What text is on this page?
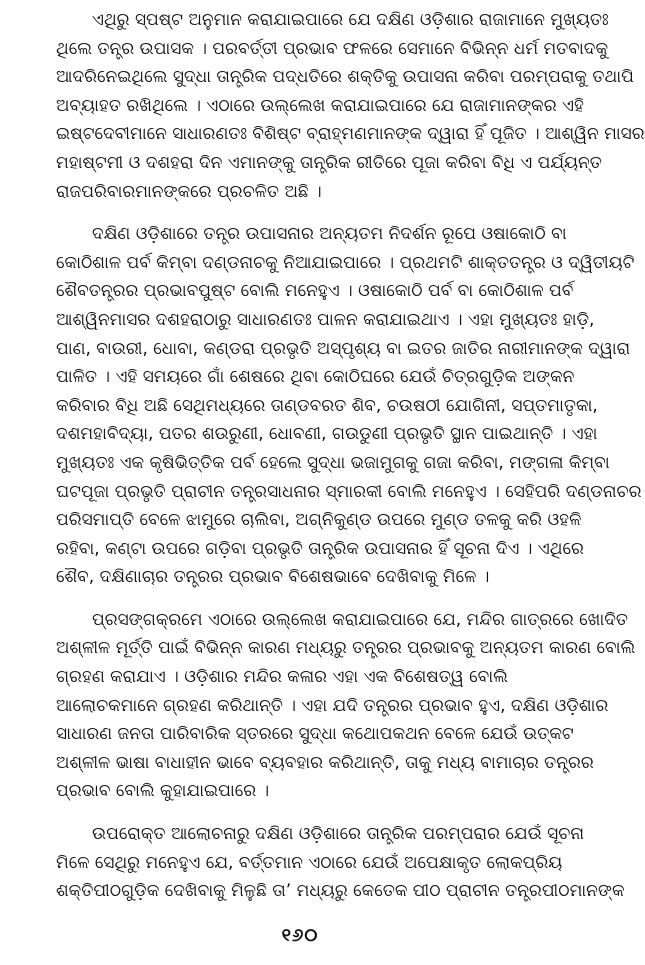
ଏଥିରୁ ସ୍ପଷ୍ଟ ଅନୁମାନ କରାଯାଇପାରେ ଯେ ଦକ୍ଷିଣ ଓଡ଼ିଶାର ରାଜାମାନେ ମୁଖ୍ୟତଃ
ଥିଲେ ତନ୍ତ୍ର ଉପାସକ । ପରବର୍ତ୍ତୀ ପ୍ରଭାବ ଫଳରେ ସେମାନେ ବିଭିନ୍ନ ଧର୍ମ ମତବାଦକୁ
ଆଦରିନେଇଥିଲେ ସୁଦ୍ଧା ତାନ୍ତ୍ରିକ ପଦ୍ଧତିରେ ଶକ୍ତିକୁ ଉପାସନା କରିବା ପରମ୍ପରାକୁ ତଥାପି
ଅବ୍ୟାହତ ରଖିଥିଲେ । ଏଠାରେ ଉଲ୍ଲେଖ କରାଯାଇପାରେ ଯେ ରାଜାମାନଙ୍କର ଏହି
ଇଷ୍ଟଦେବୀମାନେ ସାଧାରଣତଃ ବିଶିଷ୍ଟ ବ୍ରାହ୍ମଣମାନଙ୍କ ଦ୍ୱାରା ହିଁ ପୂଜିତ । ଆଶ୍ୱିନ ମାସର
ମହାଷ୍ଟମୀ ଓ ଦଶହରା ଦିନ ଏମାନଙ୍କୁ ତାନ୍ତ୍ରିକ ରୀତିରେ ପୂଜା କରିବା ବିଧି ଏ ପର୍ଯ୍ୟନ୍ତ
ରାଜପରିବାରମାନଙ୍କରେ ପ୍ରଚଳିତ ଅଛି ।

ଦକ୍ଷିଣ ଓଡ଼ିଶାରେ ତନ୍ତ୍ର ଉପାସନାର ଅନ୍ୟତମ ନିଦର୍ଶନ ରୂପେ ଓଷାକୋଠି ବା
କୋଠିଶାଳ ପର୍ବ କିମ୍ବା ଦଣ୍ଡନାଚକୁ ନିଆଯାଇପାରେ । ପ୍ରଥମଟି ଶାକ୍ତତନ୍ତ୍ର ଓ ଦ୍ୱିତୀୟଟି
ଶୈବତନ୍ତ୍ରର ପ୍ରଭାବପୁଷ୍ଟ ବୋଲି ମନେହୁଏ । ଓଷାକୋଠି ପର୍ବ ବା କୋଠିଶାଳ ପର୍ବ
ଆଶ୍ୱିନମାସର ଦଶହରାଠାରୁ ସାଧାରଣତଃ ପାଳନ କରାଯାଇଥାଏ । ଏହା ମୁଖ୍ୟତଃ ହାଡ଼ି,
ପାଣ, ବାଉରୀ, ଧୋବା, କଣ୍ଡରା ପ୍ରଭୃତି ଅସ୍ପୃଶ୍ୟ ବା ଇତର ଜାତିର ନାରୀମାନଙ୍କ ଦ୍ୱାରା
ପାଳିତ । ଏହି ସମୟରେ ଗାଁ ଶେଷରେ ଥିବା କୋଠିଘରେ ଯେଉଁ ଚିତ୍ରଗୁଡ଼ିକ ଅଙ୍କନ
କରିବାର ବିଧି ଅଛି ସେଥିମଧ୍ୟରେ ତାଣ୍ଡବରତ ଶିବ, ଚଉଷଠୀ ଯୋଗିନୀ, ସପ୍ତମାତୃକା,
ଦଶମହାବିଦ୍ୟା, ପତର ଶଉରୁଣୀ, ଧୋବଣୀ, ଗଉଡୁଣୀ ପ୍ରଭୃତି ସ୍ଥାନ ପାଇଥାନ୍ତି । ଏହା
ମୁଖ୍ୟତଃ ଏକ କୃଷିଭିତ୍ତିକ ପର୍ବ ହେଲେ ସୁଦ୍ଧା ଭଜାମୁଗକୁ ଗଜା କରିବା, ମଙ୍ଗଳା କିମ୍ବା
ଘଟପୂଜା ପ୍ରଭୃତି ପ୍ରାଚୀନ ତନ୍ତ୍ରସାଧନାର ସ୍ମାରକୀ ବୋଲି ମନେହୁଏ । ସେହିପରି ଦଣ୍ଡନାଚର
ପରିସମାପ୍ତି ବେଳେ ଝାମୁରେ ଚାଲିବା, ଅଗ୍ନିକୁଣ୍ଡ ଉପରେ ମୁଣ୍ଡ ତଳକୁ କରି ଓହଳି
ରହିବା, କଣ୍ଟା ଉପରେ ଗଡ଼ିବା ପ୍ରଭୃତି ତାନ୍ତ୍ରିକ ଉପାସନାର ହିଁ ସୂଚନା ଦିଏ । ଏଥିରେ
ଶୈବ, ଦକ୍ଷିଣାଚାର ତନ୍ତ୍ରର ପ୍ରଭାବ ବିଶେଷଭାବେ ଦେଖିବାକୁ ମିଳେ ।

ପ୍ରସଙ୍ଗକ୍ରମେ ଏଠାରେ ଉଲ୍ଲେଖ କରାଯାଇପାରେ ଯେ, ମନ୍ଦିର ଗାତ୍ରରେ ଖୋଦିତ
ଅଶ୍ଳୀଳ ମୂର୍ତ୍ତି ପାଇଁ ବିଭିନ୍ନ କାରଣ ମଧ୍ୟରୁ ତନ୍ତ୍ରର ପ୍ରଭାବକୁ ଅନ୍ୟତମ କାରଣ ବୋଲି
ଗ୍ରହଣ କରାଯାଏ । ଓଡ଼ିଶାର ମନ୍ଦିର କଳାର ଏହା ଏକ ବିଶେଷତ୍ୱ ବୋଲି
ଆଲୋଚକମାନେ ଗ୍ରହଣ କରିଥାନ୍ତି । ଏହା ଯଦି ତନ୍ତ୍ରର ପ୍ରଭାବ ହୁଏ, ଦକ୍ଷିଣ ଓଡ଼ିଶାର
ସାଧାରଣ ଜନତା ପାରିବାରିକ ସ୍ତରରେ ସୁଦ୍ଧା କଥୋପକଥନ ବେଳେ ଯେଉଁ ଉତ୍କଟ
ଅଶ୍ଳୀଳ ଭାଷା ବାଧାହୀନ ଭାବେ ବ୍ୟବହାର କରିଥାନ୍ତି, ତାକୁ ମଧ୍ୟ ବାମାଚାର ତନ୍ତ୍ରର
ପ୍ରଭାବ ବୋଲି କୁହାଯାଇପାରେ ।

ଉପରୋକ୍ତ ଆଲୋଚନାରୁ ଦକ୍ଷିଣ ଓଡ଼ିଶାରେ ତାନ୍ତ୍ରିକ ପରମ୍ପରାର ଯେଉଁ ସୂଚନା
ମିଳେ ସେଥିରୁ ମନେହୁଏ ଯେ, ବର୍ତ୍ତମାନ ଏଠାରେ ଯେଉଁ ଅପେକ୍ଷାକୃତ ଲୋକପ୍ରିୟ
ଶକ୍ତିପୀଠଗୁଡ଼ିକ ଦେଖିବାକୁ ମିଳୁଛି ତା’ ମଧ୍ୟରୁ କେତେକ ପୀଠ ପ୍ରାଚୀନ ତନ୍ତ୍ରପୀଠମାନଙ୍କ

୧୬୦
